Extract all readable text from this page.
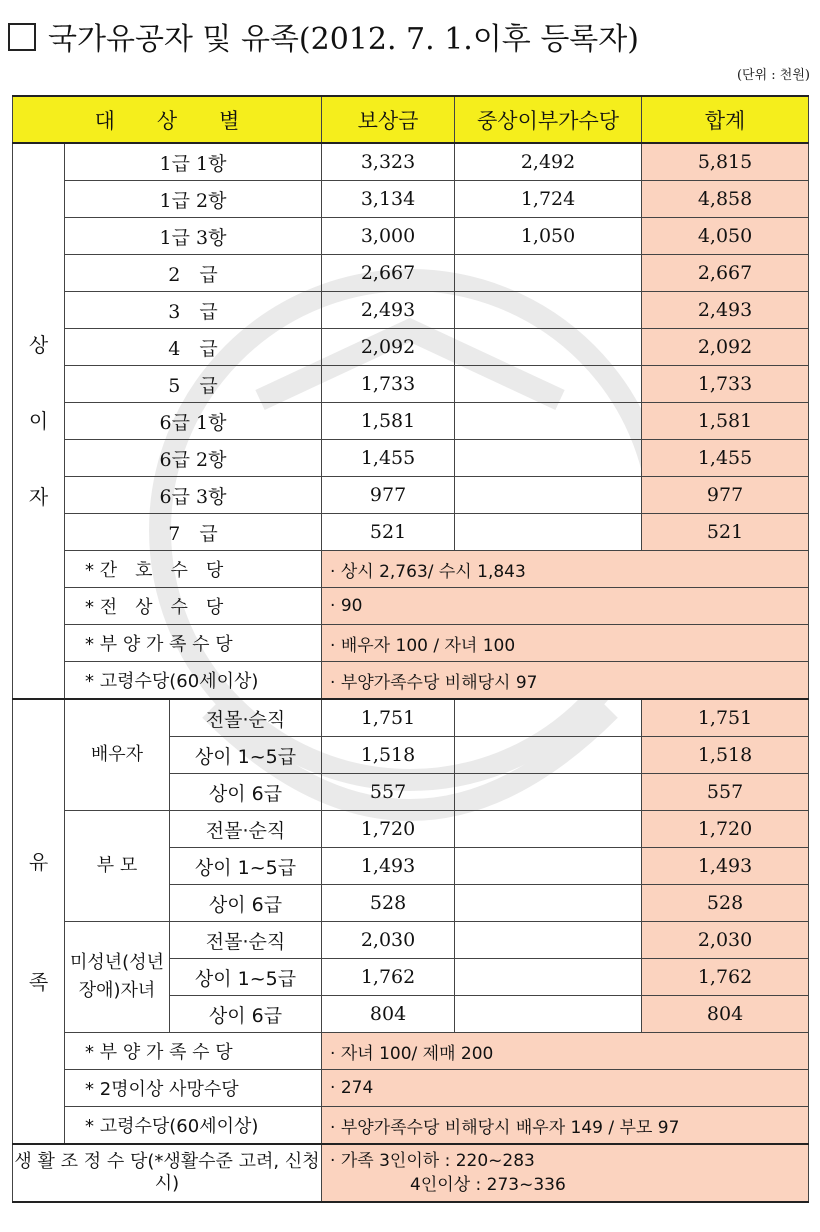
국가유공자 및 유족(2012. 7. 1.이후 등록자)
(단위 : 천원)
대　　상　　별			보상금	중상이부가수당	합계

상
이
자	1급 1항		3,323	2,492	5,815
	1급 2항		3,134	1,724	4,858
	1급 3항		3,000	1,050	4,050
	2　급		2,667		2,667
	3　급		2,493		2,493
	4　급		2,092		2,092
	5　급		1,733		1,733
	6급 1항		1,581		1,581
	6급 2항		1,455		1,455
	6급 3항		977		977
	7　급		521		521
	* 간　호　수　당		· 상시 2,763/ 수시 1,843		
	* 전　상　수　당		· 90		
	* 부 양 가 족 수 당		· 배우자 100 / 자녀 100		
	* 고령수당(60세이상)		· 부양가족수당 비해당시 97		

유
족	배우자	전몰·순직	1,751		1,751
		상이 1~5급	1,518		1,518
		상이 6급	557		557
	부 모	전몰·순직	1,720		1,720
		상이 1~5급	1,493		1,493
		상이 6급	528		528
	미성년(성년장애)자녀	전몰·순직	2,030		2,030
		상이 1~5급	1,762		1,762
		상이 6급	804		804
	* 부 양 가 족 수 당		· 자녀 100/ 제매 200		
	* 2명이상 사망수당		· 274		
	* 고령수당(60세이상)		· 부양가족수당 비해당시 배우자 149 / 부모 97		
생 활 조 정 수 당(*생활수준 고려, 신청시)			· 가족 3인이하 : 220~283
4인이상 : 273~336		
